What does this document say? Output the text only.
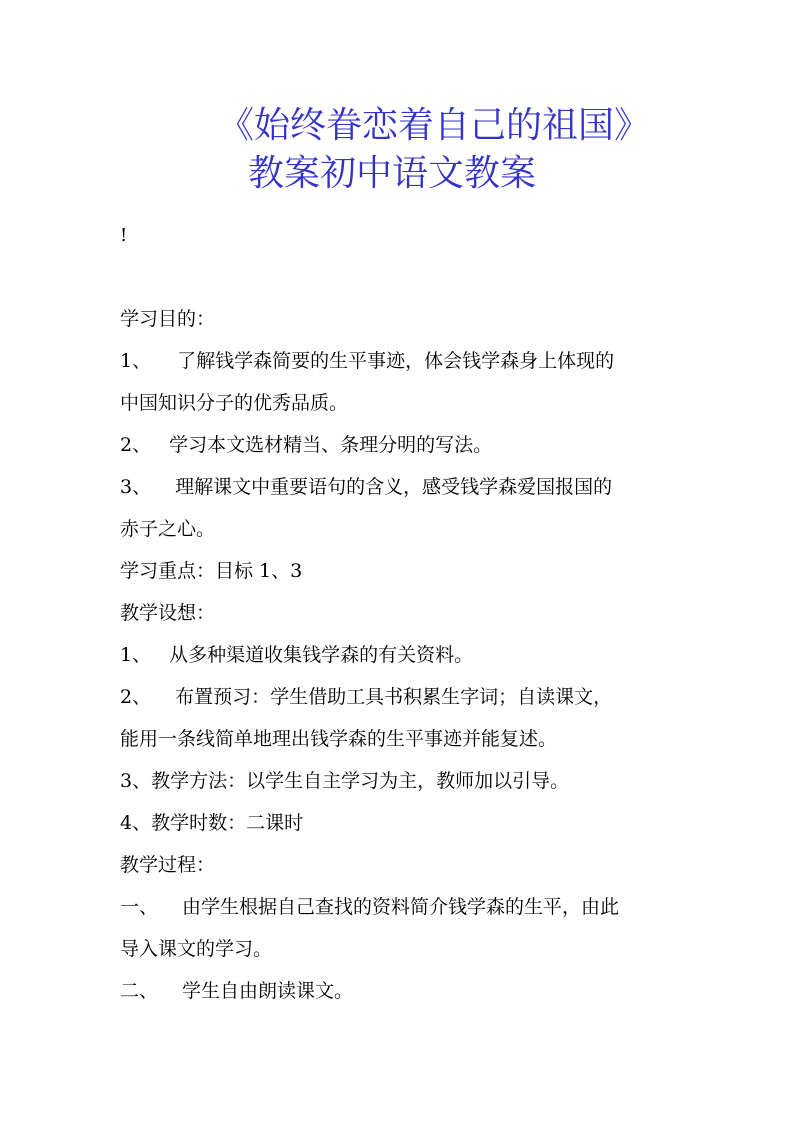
《始终眷恋着自己的祖国》
教案初中语文教案
!
学习目的：
1、 了解钱学森简要的生平事迹，体会钱学森身上体现的
中国知识分子的优秀品质。
2、 学习本文选材精当、条理分明的写法。
3、 理解课文中重要语句的含义，感受钱学森爱国报国的
赤子之心。
学习重点：目标 1、3
教学设想：
1、 从多种渠道收集钱学森的有关资料。
2、 布置预习：学生借助工具书积累生字词；自读课文，
能用一条线简单地理出钱学森的生平事迹并能复述。
3、教学方法：以学生自主学习为主，教师加以引导。
4、教学时数：二课时
教学过程：
一、 由学生根据自己查找的资料简介钱学森的生平，由此
导入课文的学习。
二、 学生自由朗读课文。
